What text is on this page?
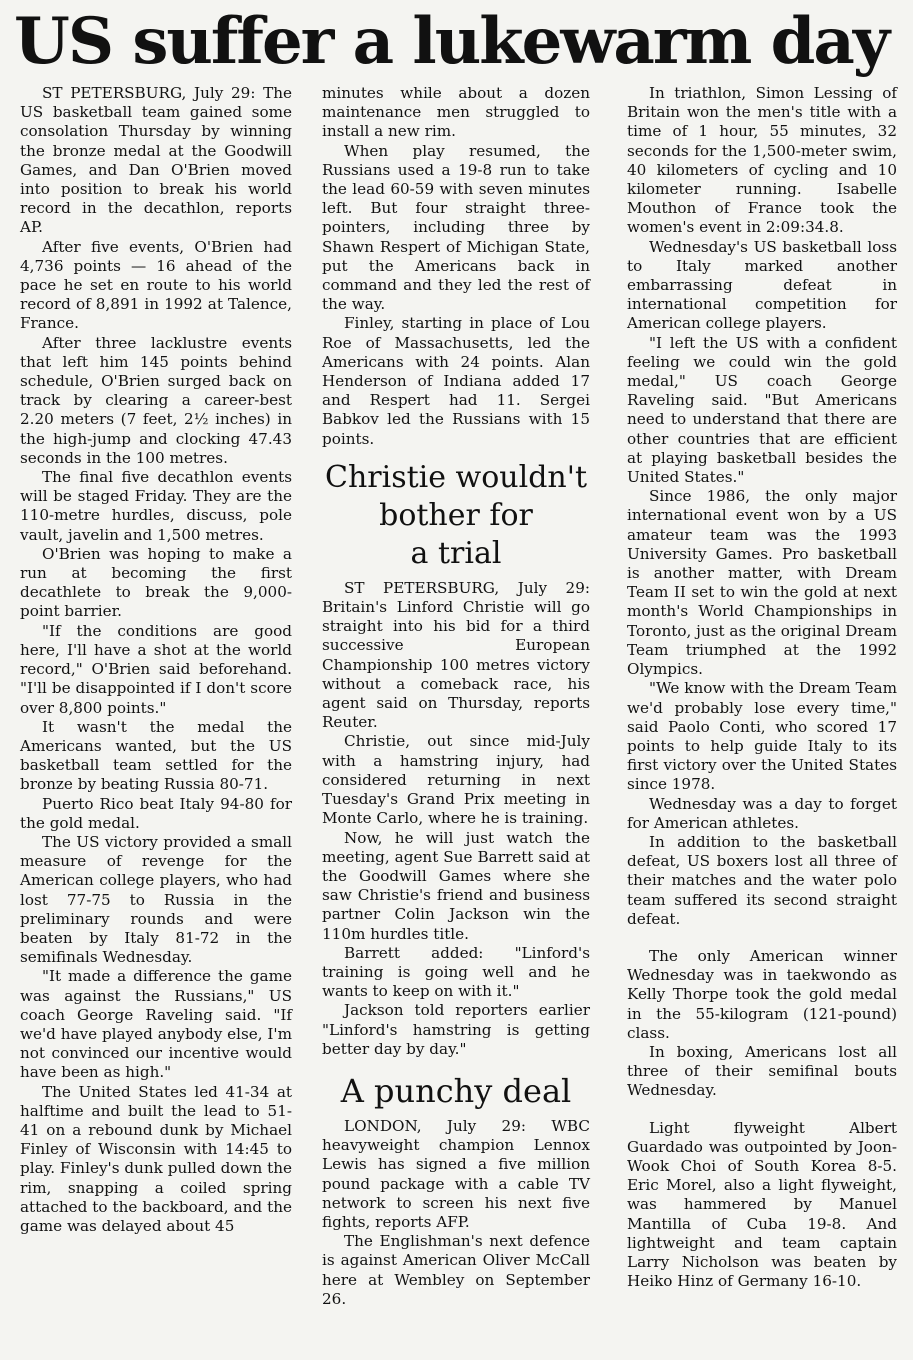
US suffer a lukewarm day

ST PETERSBURG, July 29: The US basketball team gained some consolation Thursday by winning the bronze medal at the Goodwill Games, and Dan O'Brien moved into position to break his world record in the decathlon, reports AP.

After five events, O'Brien had 4,736 points — 16 ahead of the pace he set en route to his world record of 8,891 in 1992 at Talence, France.

After three lacklustre events that left him 145 points behind schedule, O'Brien surged back on track by clearing a career-best 2.20 meters (7 feet, 2½ inches) in the high-jump and clocking 47.43 seconds in the 100 metres.

The final five decathlon events will be staged Friday. They are the 110-metre hurdles, discuss, pole vault, javelin and 1,500 metres.

O'Brien was hoping to make a run at becoming the first decathlete to break the 9,000-point barrier.

"If the conditions are good here, I'll have a shot at the world record," O'Brien said beforehand. "I'll be disappointed if I don't score over 8,800 points."

It wasn't the medal the Americans wanted, but the US basketball team settled for the bronze by beating Russia 80-71.

Puerto Rico beat Italy 94-80 for the gold medal.

The US victory provided a small measure of revenge for the American college players, who had lost 77-75 to Russia in the preliminary rounds and were beaten by Italy 81-72 in the semifinals Wednesday.

"It made a difference the game was against the Russians," US coach George Raveling said. "If we'd have played anybody else, I'm not convinced our incentive would have been as high."

The United States led 41-34 at halftime and built the lead to 51-41 on a rebound dunk by Michael Finley of Wisconsin with 14:45 to play. Finley's dunk pulled down the rim, snapping a coiled spring attached to the backboard, and the game was delayed about 45

minutes while about a dozen maintenance men struggled to install a new rim.

When play resumed, the Russians used a 19-8 run to take the lead 60-59 with seven minutes left. But four straight three-pointers, including three by Shawn Respert of Michigan State, put the Americans back in command and they led the rest of the way.

Finley, starting in place of Lou Roe of Massachusetts, led the Americans with 24 points. Alan Henderson of Indiana added 17 and Respert had 11. Sergei Babkov led the Russians with 15 points.

Christie wouldn't
bother for
a trial

ST PETERSBURG, July 29: Britain's Linford Christie will go straight into his bid for a third successive European Championship 100 metres victory without a comeback race, his agent said on Thursday, reports Reuter.

Christie, out since mid-July with a hamstring injury, had considered returning in next Tuesday's Grand Prix meeting in Monte Carlo, where he is training.

Now, he will just watch the meeting, agent Sue Barrett said at the Goodwill Games where she saw Christie's friend and business partner Colin Jackson win the 110m hurdles title.

Barrett added: "Linford's training is going well and he wants to keep on with it."

Jackson told reporters earlier "Linford's hamstring is getting better day by day."

A punchy deal

LONDON, July 29: WBC heavyweight champion Lennox Lewis has signed a five million pound package with a cable TV network to screen his next five fights, reports AFP.

The Englishman's next defence is against American Oliver McCall here at Wembley on September 26.

In triathlon, Simon Lessing of Britain won the men's title with a time of 1 hour, 55 minutes, 32 seconds for the 1,500-meter swim, 40 kilometers of cycling and 10 kilometer running. Isabelle Mouthon of France took the women's event in 2:09:34.8.

Wednesday's US basketball loss to Italy marked another embarrassing defeat in international competition for American college players.

"I left the US with a confident feeling we could win the gold medal," US coach George Raveling said. "But Americans need to understand that there are other countries that are efficient at playing basketball besides the United States."

Since 1986, the only major international event won by a US amateur team was the 1993 University Games. Pro basketball is another matter, with Dream Team II set to win the gold at next month's World Championships in Toronto, just as the original Dream Team triumphed at the 1992 Olympics.

"We know with the Dream Team we'd probably lose every time," said Paolo Conti, who scored 17 points to help guide Italy to its first victory over the United States since 1978.

Wednesday was a day to forget for American athletes.

In addition to the basketball defeat, US boxers lost all three of their matches and the water polo team suffered its second straight defeat.

The only American winner Wednesday was in taekwondo as Kelly Thorpe took the gold medal in the 55-kilogram (121-pound) class.

In boxing, Americans lost all three of their semifinal bouts Wednesday.

Light flyweight Albert Guardado was outpointed by Joon-Wook Choi of South Korea 8-5. Eric Morel, also a light flyweight, was hammered by Manuel Mantilla of Cuba 19-8. And lightweight and team captain Larry Nicholson was beaten by Heiko Hinz of Germany 16-10.
